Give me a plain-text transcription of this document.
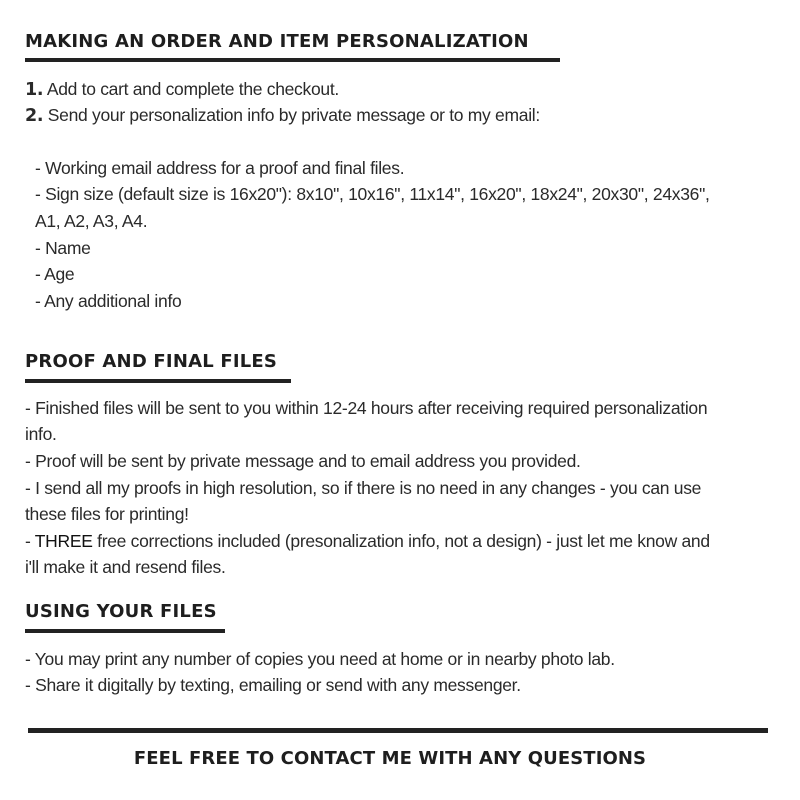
MAKING AN ORDER AND ITEM PERSONALIZATION
1. Add to cart and complete the checkout.
2. Send your personalization info by private message or to my email:
- Working email address for a proof and final files.
- Sign size (default size is 16x20"): 8x10", 10x16", 11x14", 16x20", 18x24", 20x30", 24x36",
A1, A2, A3, A4.
- Name
- Age
- Any additional info
PROOF AND FINAL FILES
- Finished files will be sent to you within 12-24 hours after receiving required personalization
info.
- Proof will be sent by private message and to email address you provided.
- I send all my proofs in high resolution, so if there is no need in any changes - you can use
these files for printing!
- THREE free corrections included (presonalization info, not a design) - just let me know and
i'll make it and resend files.
USING YOUR FILES
- You may print any number of copies you need at home or in nearby photo lab.
- Share it digitally by texting, emailing or send with any messenger.
FEEL FREE TO CONTACT ME WITH ANY QUESTIONS
